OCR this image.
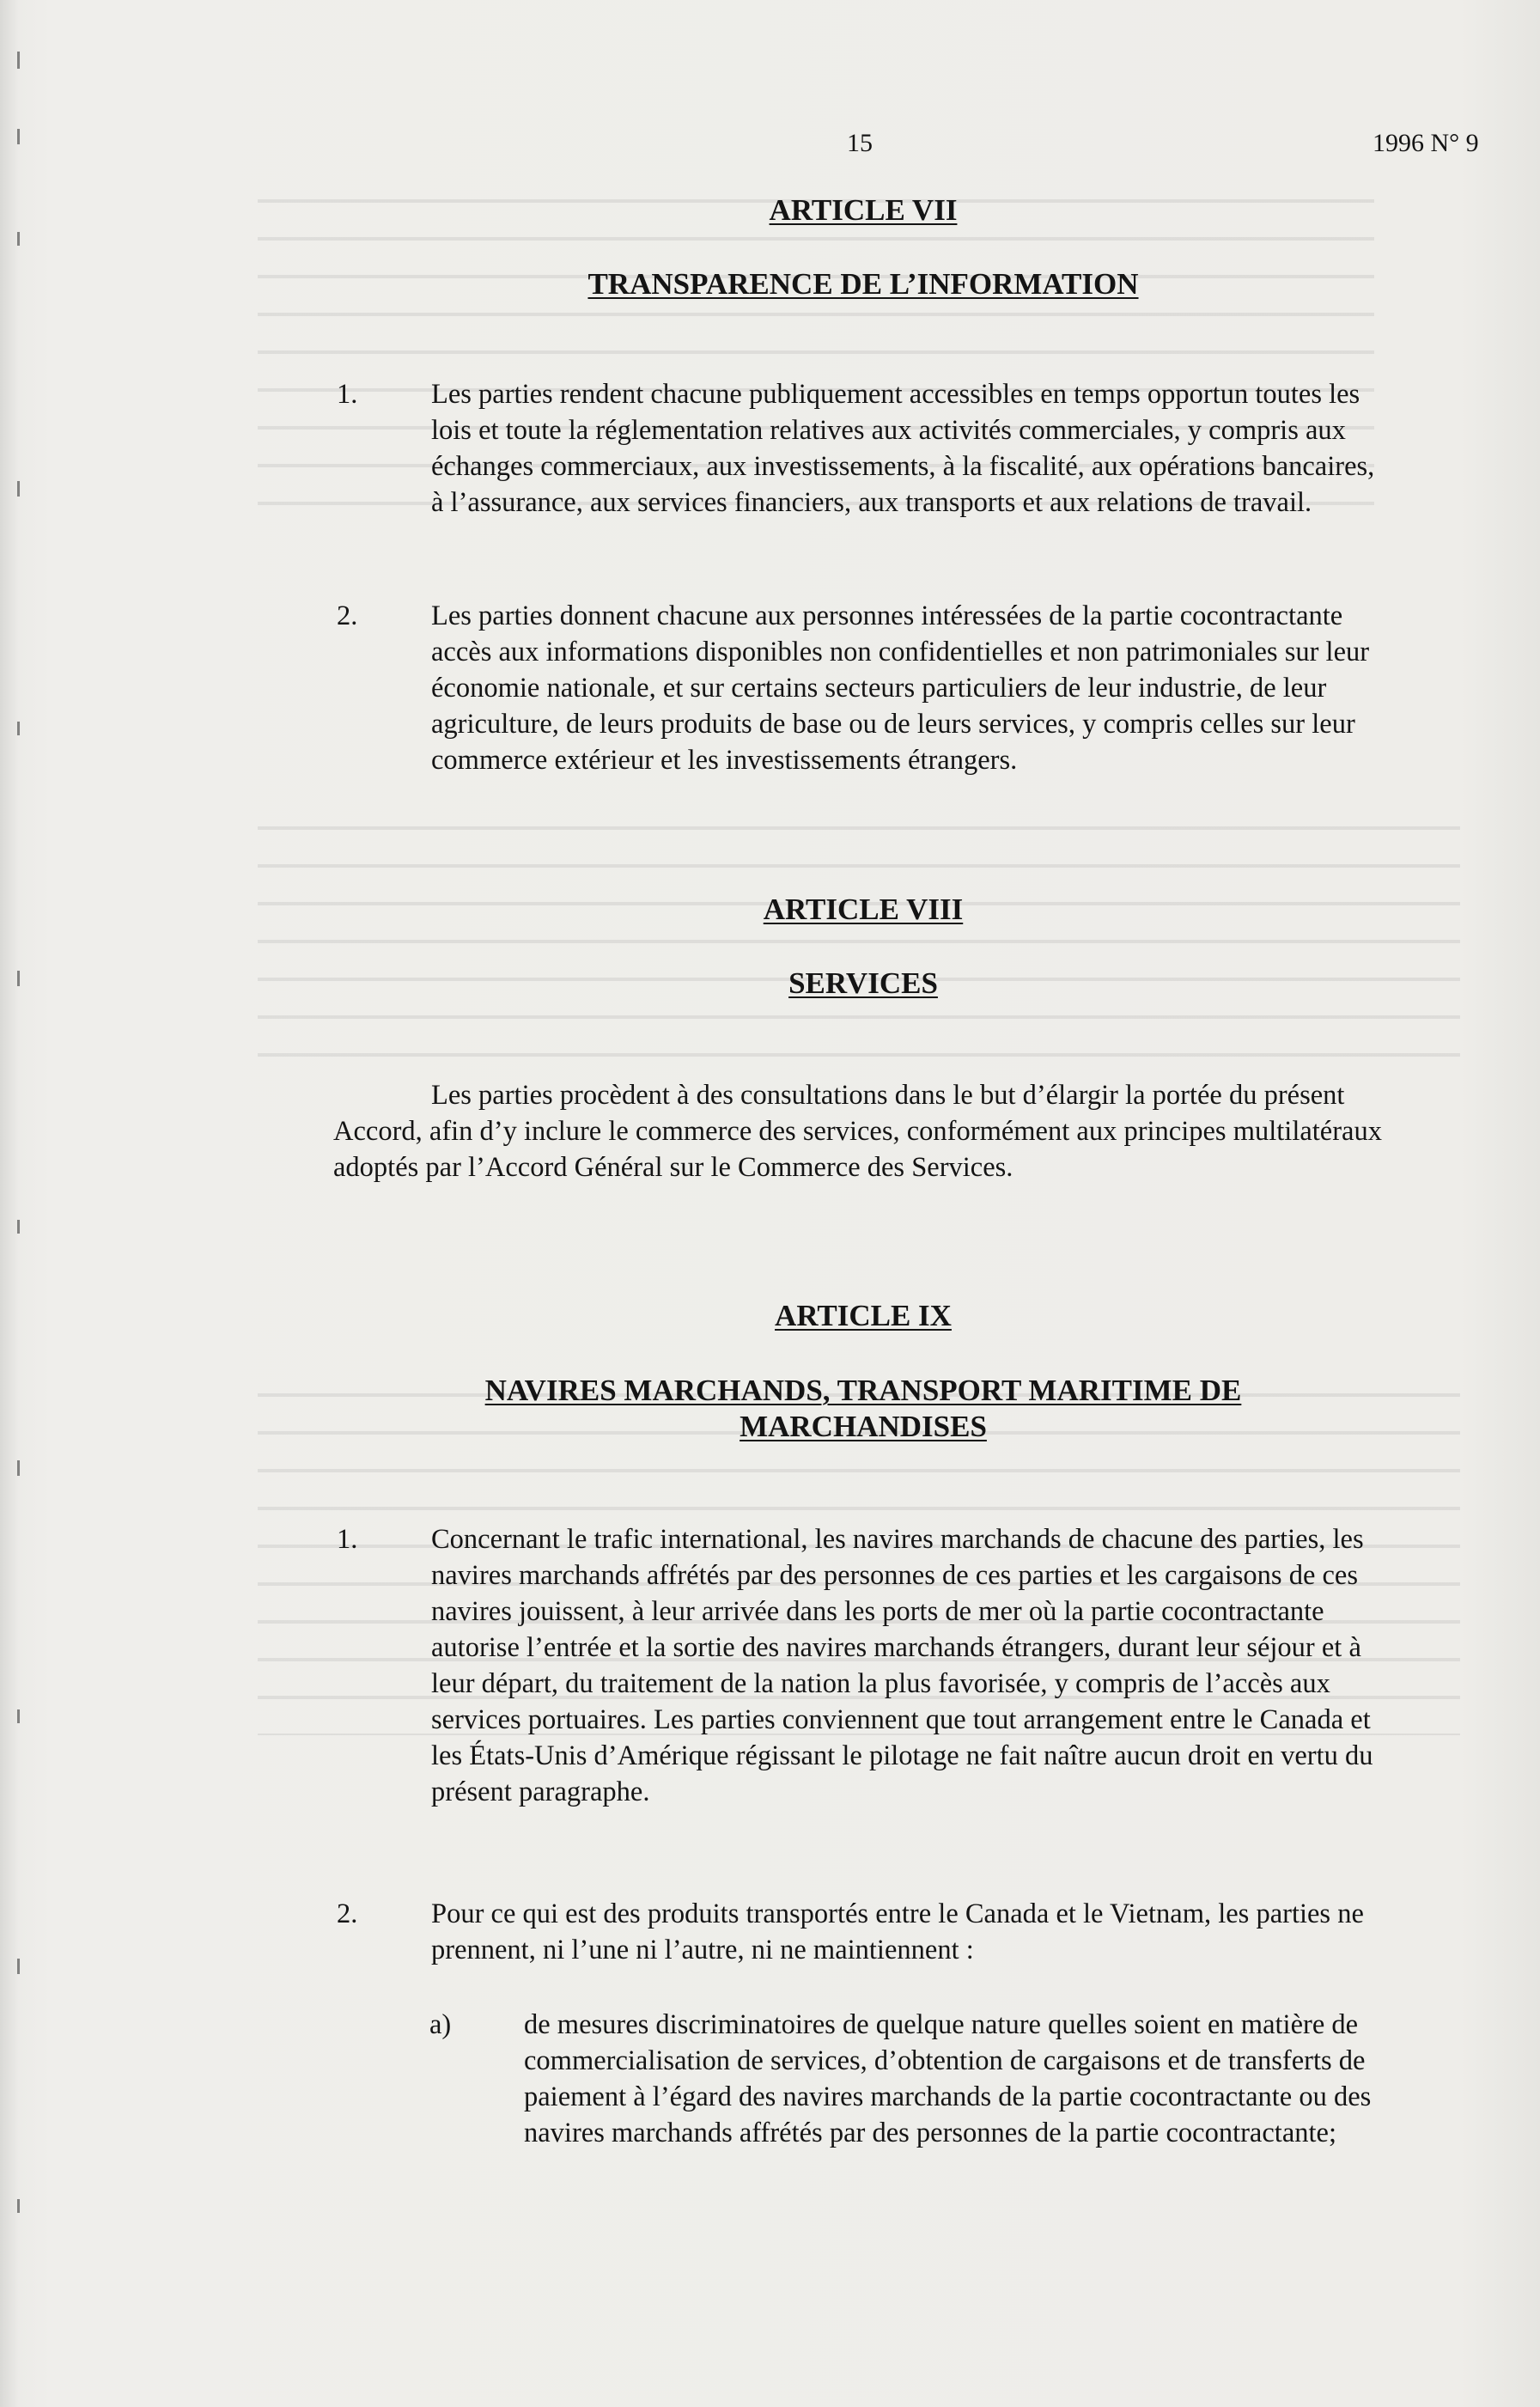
15	1996 N° 9
ARTICLE VII
TRANSPARENCE DE L’INFORMATION
1.	Les parties rendent chacune publiquement accessibles en temps opportun toutes les lois et toute la réglementation relatives aux activités commerciales, y compris aux échanges commerciaux, aux investissements, à la fiscalité, aux opérations bancaires, à l’assurance, aux services financiers, aux transports et aux relations de travail.
2.	Les parties donnent chacune aux personnes intéressées de la partie cocontractante accès aux informations disponibles non confidentielles et non patrimoniales sur leur économie nationale, et sur certains secteurs particuliers de leur industrie, de leur agriculture, de leurs produits de base ou de leurs services, y compris celles sur leur commerce extérieur et les investissements étrangers.
ARTICLE VIII
SERVICES
Les parties procèdent à des consultations dans le but d’élargir la portée du présent Accord, afin d’y inclure le commerce des services, conformément aux principes multilatéraux adoptés par l’Accord Général sur le Commerce des Services.
ARTICLE IX
NAVIRES MARCHANDS, TRANSPORT MARITIME DE
MARCHANDISES
1.	Concernant le trafic international, les navires marchands de chacune des parties, les navires marchands affrétés par des personnes de ces parties et les cargaisons de ces navires jouissent, à leur arrivée dans les ports de mer où la partie cocontractante autorise l’entrée et la sortie des navires marchands étrangers, durant leur séjour et à leur départ, du traitement de la nation la plus favorisée, y compris de l’accès aux services portuaires. Les parties conviennent que tout arrangement entre le Canada et les États-Unis d’Amérique régissant le pilotage ne fait naître aucun droit en vertu du présent paragraphe.
2.	Pour ce qui est des produits transportés entre le Canada et le Vietnam, les parties ne prennent, ni l’une ni l’autre, ni ne maintiennent :
a)	de mesures discriminatoires de quelque nature quelles soient en matière de commercialisation de services, d’obtention de cargaisons et de transferts de paiement à l’égard des navires marchands de la partie cocontractante ou des navires marchands affrétés par des personnes de la partie cocontractante;
